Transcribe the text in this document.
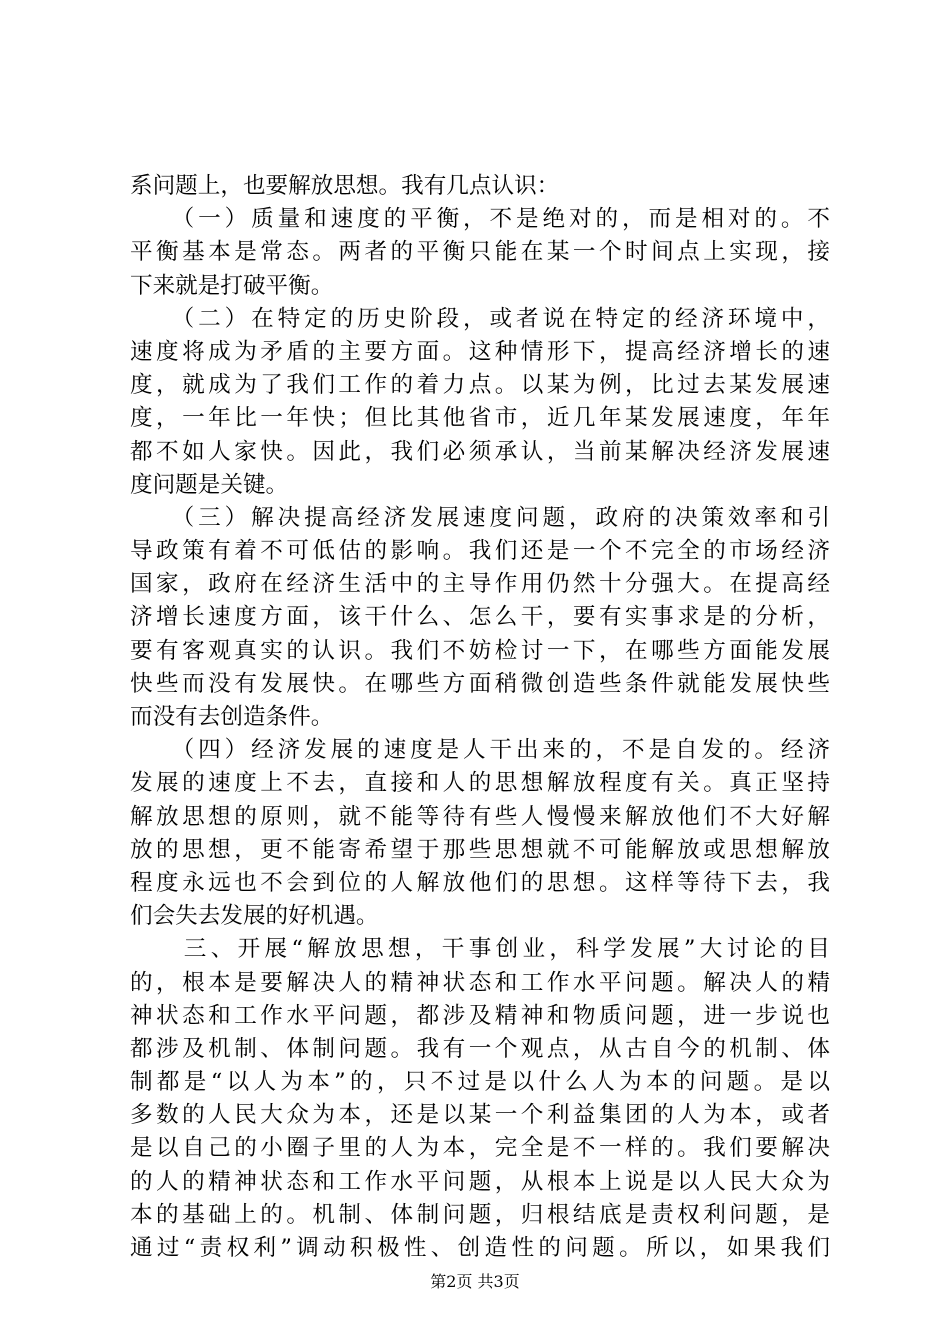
系问题上，也要解放思想。我有几点认识：
　　（一）质量和速度的平衡，不是绝对的，而是相对的。不
平衡基本是常态。两者的平衡只能在某一个时间点上实现，接
下来就是打破平衡。
　　（二）在特定的历史阶段，或者说在特定的经济环境中，
速度将成为矛盾的主要方面。这种情形下，提高经济增长的速
度，就成为了我们工作的着力点。以某为例，比过去某发展速
度，一年比一年快；但比其他省市，近几年某发展速度，年年
都不如人家快。因此，我们必须承认，当前某解决经济发展速
度问题是关键。
　　（三）解决提高经济发展速度问题，政府的决策效率和引
导政策有着不可低估的影响。我们还是一个不完全的市场经济
国家，政府在经济生活中的主导作用仍然十分强大。在提高经
济增长速度方面，该干什么、怎么干，要有实事求是的分析，
要有客观真实的认识。我们不妨检讨一下，在哪些方面能发展
快些而没有发展快。在哪些方面稍微创造些条件就能发展快些
而没有去创造条件。
　　（四）经济发展的速度是人干出来的，不是自发的。经济
发展的速度上不去，直接和人的思想解放程度有关。真正坚持
解放思想的原则，就不能等待有些人慢慢来解放他们不大好解
放的思想，更不能寄希望于那些思想就不可能解放或思想解放
程度永远也不会到位的人解放他们的思想。这样等待下去，我
们会失去发展的好机遇。
　　三、开展“解放思想，干事创业，科学发展”大讨论的目
的，根本是要解决人的精神状态和工作水平问题。解决人的精
神状态和工作水平问题，都涉及精神和物质问题，进一步说也
都涉及机制、体制问题。我有一个观点，从古自今的机制、体
制都是“以人为本”的，只不过是以什么人为本的问题。是以
多数的人民大众为本，还是以某一个利益集团的人为本，或者
是以自己的小圈子里的人为本，完全是不一样的。我们要解决
的人的精神状态和工作水平问题，从根本上说是以人民大众为
本的基础上的。机制、体制问题，归根结底是责权利问题，是
通过“责权利”调动积极性、创造性的问题。所以，如果我们
第2页 共3页
